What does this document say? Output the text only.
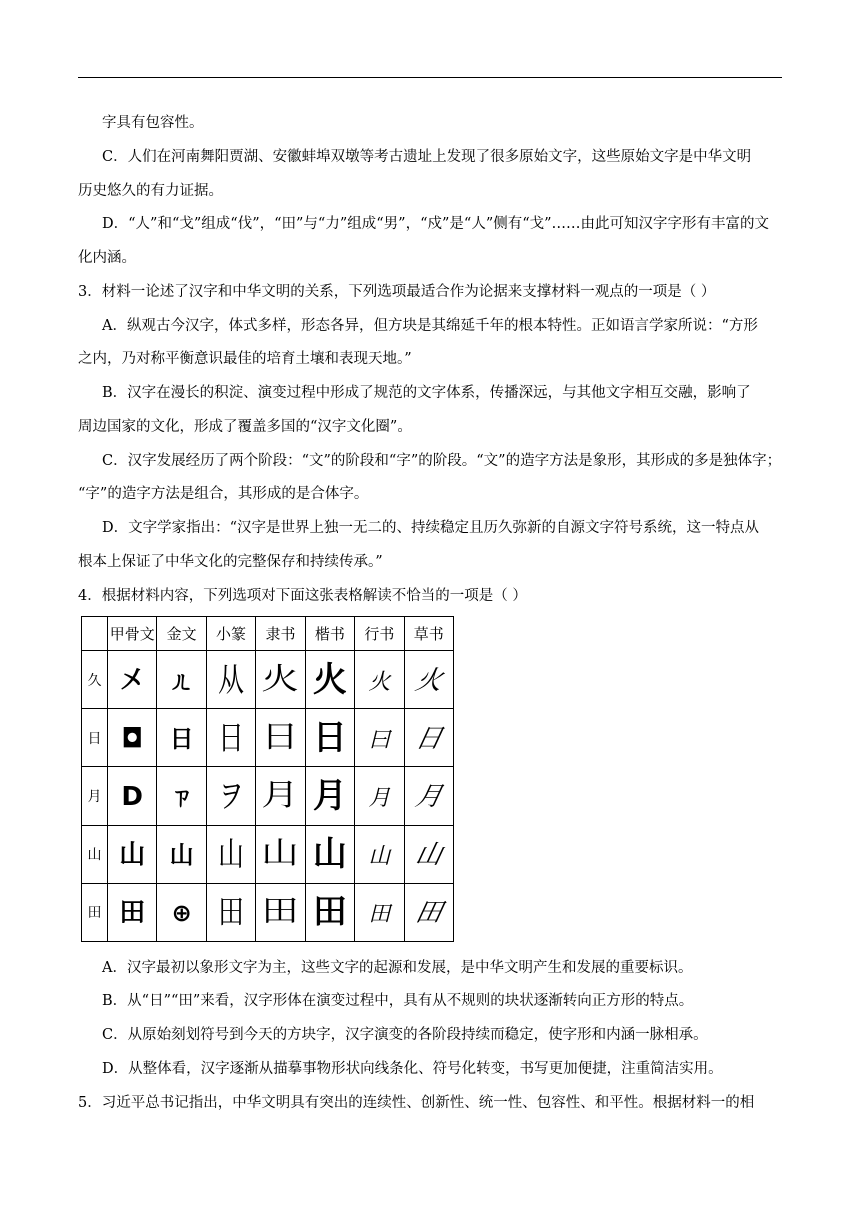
字具有包容性。
C．人们在河南舞阳贾湖、安徽蚌埠双墩等考古遗址上发现了很多原始文字，这些原始文字是中华文明
历史悠久的有力证据。
D．“人”和“戈”组成“伐”，“田”与“力”组成“男”，“戍”是“人”侧有“戈”……由此可知汉字字形有丰富的文
化内涵。
3．材料一论述了汉字和中华文明的关系，下列选项最适合作为论据来支撑材料一观点的一项是（ ）
A．纵观古今汉字，体式多样，形态各异，但方块是其绵延千年的根本特性。正如语言学家所说：“方形
之内，乃对称平衡意识最佳的培育土壤和表现天地。”
B．汉字在漫长的积淀、演变过程中形成了规范的文字体系，传播深远，与其他文字相互交融，影响了
周边国家的文化，形成了覆盖多国的“汉字文化圈”。
C．汉字发展经历了两个阶段：“文”的阶段和“字”的阶段。“文”的造字方法是象形，其形成的多是独体字；
“字”的造字方法是组合，其形成的是合体字。
D．文字学家指出：“汉字是世界上独一无二的、持续稳定且历久弥新的自源文字符号系统，这一特点从
根本上保证了中华文化的完整保存和持续传承。”
4．根据材料内容，下列选项对下面这张表格解读不恰当的一项是（ ）
	甲骨文	金文	小篆	隶书	楷书	行书	草书
久	㐅	ㄦ	从	火	火	火	火
日	◘	日	日	日	日	曰	日
月	D	ㄗ	ヲ	月	月	月	月
山	山	山	山	山	山	山	山
田	田	⊕	田	田	田	田	田
A．汉字最初以象形文字为主，这些文字的起源和发展，是中华文明产生和发展的重要标识。
B．从“日”“田”来看，汉字形体在演变过程中，具有从不规则的块状逐渐转向正方形的特点。
C．从原始刻划符号到今天的方块字，汉字演变的各阶段持续而稳定，使字形和内涵一脉相承。
D．从整体看，汉字逐渐从描摹事物形状向线条化、符号化转变，书写更加便捷，注重简洁实用。
5．习近平总书记指出，中华文明具有突出的连续性、创新性、统一性、包容性、和平性。根据材料一的相
